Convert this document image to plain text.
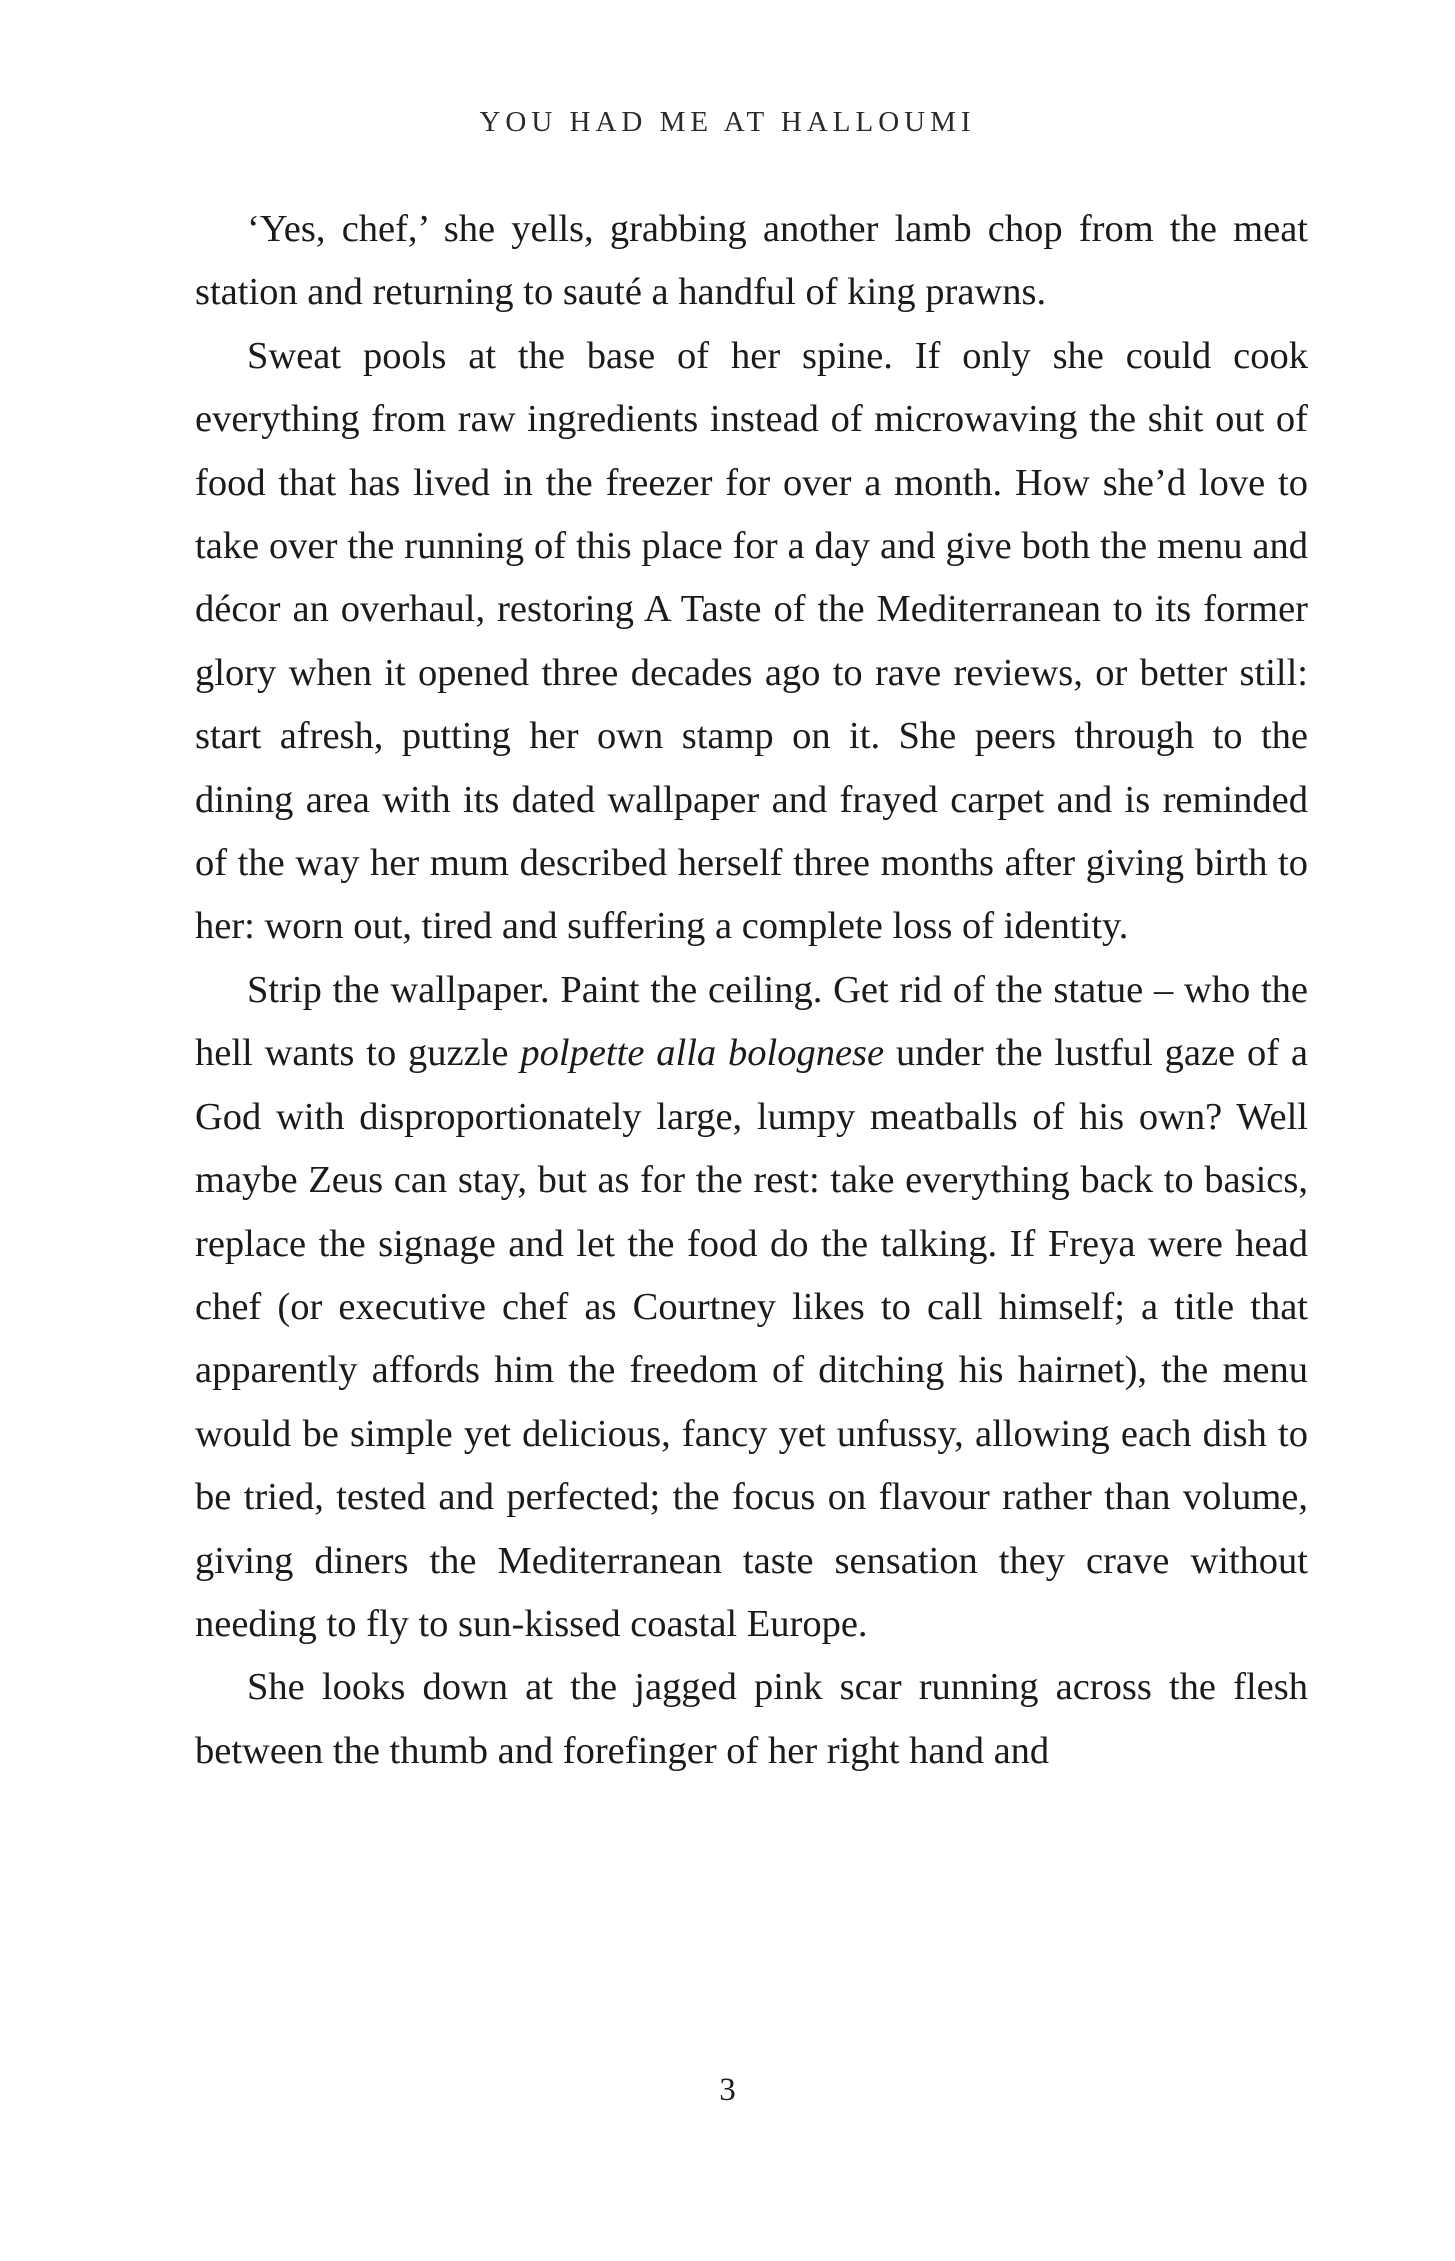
YOU HAD ME AT HALLOUMI

‘Yes, chef,’ she yells, grabbing another lamb chop from the meat station and returning to sauté a handful of king prawns.

Sweat pools at the base of her spine. If only she could cook everything from raw ingredients instead of microwaving the shit out of food that has lived in the freezer for over a month. How she’d love to take over the running of this place for a day and give both the menu and décor an overhaul, restoring A Taste of the Mediterranean to its former glory when it opened three decades ago to rave reviews, or better still: start afresh, putting her own stamp on it. She peers through to the dining area with its dated wallpaper and frayed carpet and is reminded of the way her mum described herself three months after giving birth to her: worn out, tired and suffering a complete loss of identity.

Strip the wallpaper. Paint the ceiling. Get rid of the statue – who the hell wants to guzzle polpette alla bolognese under the lustful gaze of a God with disproportionately large, lumpy meatballs of his own? Well maybe Zeus can stay, but as for the rest: take everything back to basics, replace the signage and let the food do the talking. If Freya were head chef (or executive chef as Courtney likes to call himself; a title that apparently affords him the freedom of ditching his hairnet), the menu would be simple yet delicious, fancy yet unfussy, allowing each dish to be tried, tested and perfected; the focus on flavour rather than volume, giving diners the Mediterranean taste sensation they crave without needing to fly to sun-kissed coastal Europe.

She looks down at the jagged pink scar running across the flesh between the thumb and forefinger of her right hand and

3
